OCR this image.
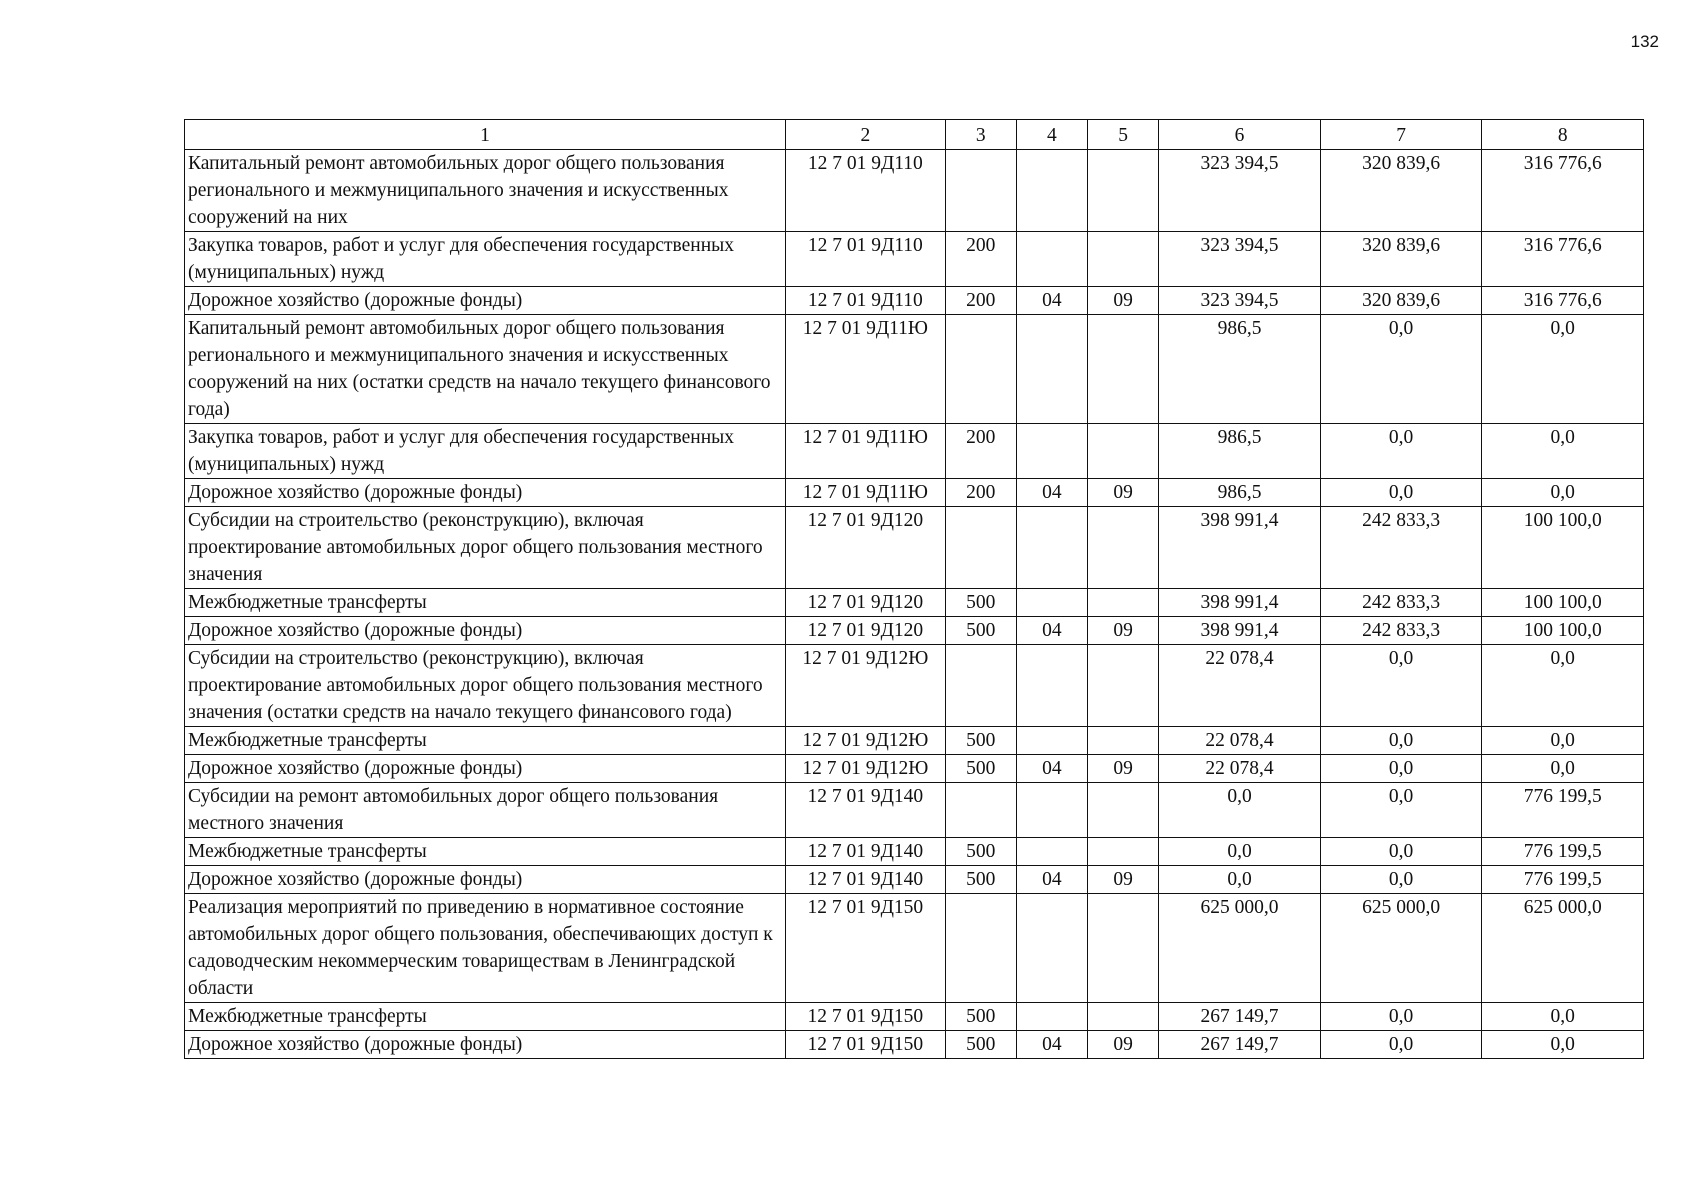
132
1	2	3	4	5	6	7	8
Капитальный ремонт автомобильных дорог общего пользования регионального и межмуниципального значения и искусственных сооружений на них	12 7 01 9Д110				323 394,5	320 839,6	316 776,6
Закупка товаров, работ и услуг для обеспечения государственных (муниципальных) нужд	12 7 01 9Д110	200			323 394,5	320 839,6	316 776,6
Дорожное хозяйство (дорожные фонды)	12 7 01 9Д110	200	04	09	323 394,5	320 839,6	316 776,6
Капитальный ремонт автомобильных дорог общего пользования регионального и межмуниципального значения и искусственных сооружений на них (остатки средств на начало текущего финансового года)	12 7 01 9Д11Ю				986,5	0,0	0,0
Закупка товаров, работ и услуг для обеспечения государственных (муниципальных) нужд	12 7 01 9Д11Ю	200			986,5	0,0	0,0
Дорожное хозяйство (дорожные фонды)	12 7 01 9Д11Ю	200	04	09	986,5	0,0	0,0
Субсидии на строительство (реконструкцию), включая проектирование автомобильных дорог общего пользования местного значения	12 7 01 9Д120				398 991,4	242 833,3	100 100,0
Межбюджетные трансферты	12 7 01 9Д120	500			398 991,4	242 833,3	100 100,0
Дорожное хозяйство (дорожные фонды)	12 7 01 9Д120	500	04	09	398 991,4	242 833,3	100 100,0
Субсидии на строительство (реконструкцию), включая проектирование автомобильных дорог общего пользования местного значения (остатки средств на начало текущего финансового года)	12 7 01 9Д12Ю				22 078,4	0,0	0,0
Межбюджетные трансферты	12 7 01 9Д12Ю	500			22 078,4	0,0	0,0
Дорожное хозяйство (дорожные фонды)	12 7 01 9Д12Ю	500	04	09	22 078,4	0,0	0,0
Субсидии на ремонт автомобильных дорог общего пользования местного значения	12 7 01 9Д140				0,0	0,0	776 199,5
Межбюджетные трансферты	12 7 01 9Д140	500			0,0	0,0	776 199,5
Дорожное хозяйство (дорожные фонды)	12 7 01 9Д140	500	04	09	0,0	0,0	776 199,5
Реализация мероприятий по приведению в нормативное состояние автомобильных дорог общего пользования, обеспечивающих доступ к садоводческим некоммерческим товариществам в Ленинградской области	12 7 01 9Д150				625 000,0	625 000,0	625 000,0
Межбюджетные трансферты	12 7 01 9Д150	500			267 149,7	0,0	0,0
Дорожное хозяйство (дорожные фонды)	12 7 01 9Д150	500	04	09	267 149,7	0,0	0,0
